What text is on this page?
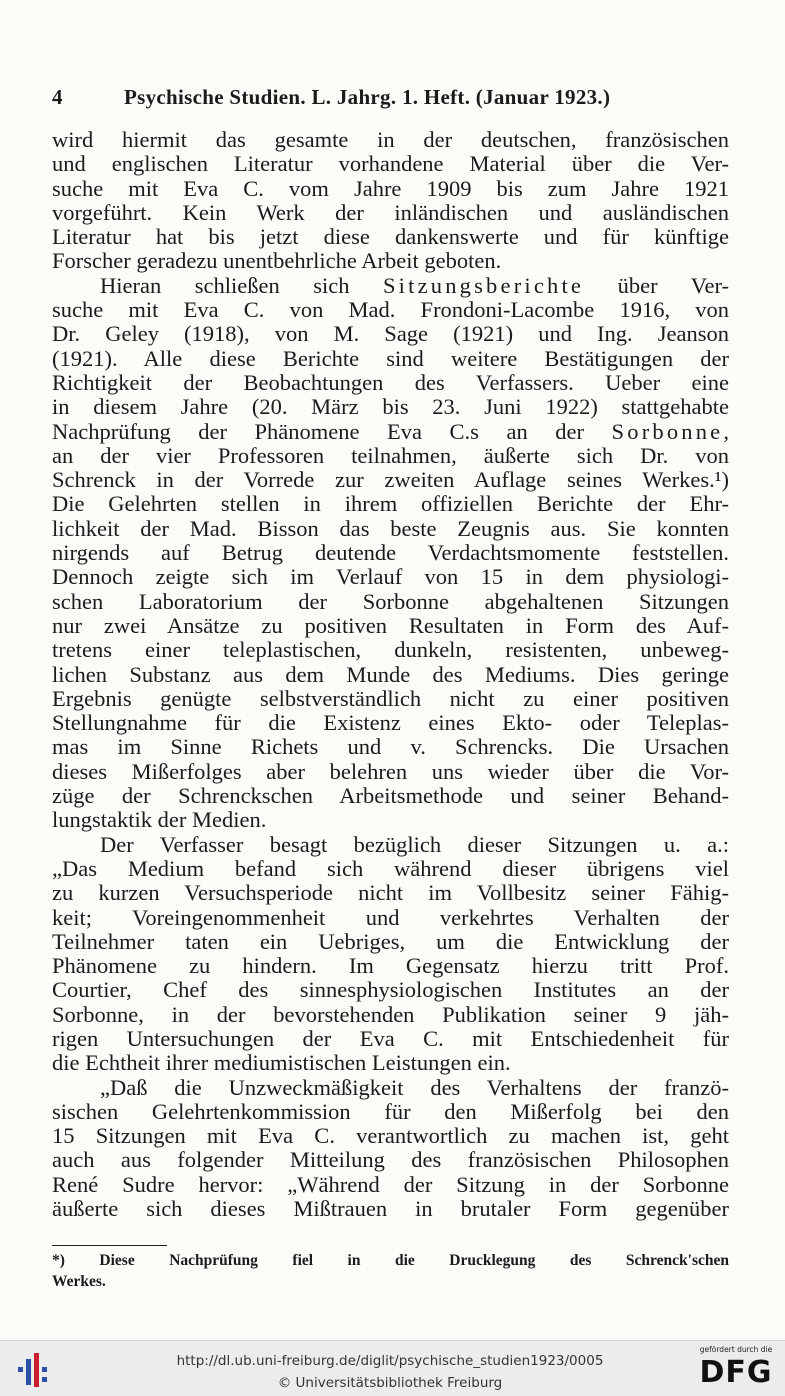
4	Psychische Studien. L. Jahrg. 1. Heft. (Januar 1923.)
wird hiermit das gesamte in der deutschen, französischen
und englischen Literatur vorhandene Material über die Ver-
suche mit Eva C. vom Jahre 1909 bis zum Jahre 1921
vorgeführt. Kein Werk der inländischen und ausländischen
Literatur hat bis jetzt diese dankenswerte und für künftige
Forscher geradezu unentbehrliche Arbeit geboten.
Hieran schließen sich Sitzungsberichte über Ver-
suche mit Eva C. von Mad. Frondoni-Lacombe 1916, von
Dr. Geley (1918), von M. Sage (1921) und Ing. Jeanson
(1921). Alle diese Berichte sind weitere Bestätigungen der
Richtigkeit der Beobachtungen des Verfassers. Ueber eine
in diesem Jahre (20. März bis 23. Juni 1922) stattgehabte
Nachprüfung der Phänomene Eva C.s an der Sorbonne,
an der vier Professoren teilnahmen, äußerte sich Dr. von
Schrenck in der Vorrede zur zweiten Auflage seines Werkes.¹)
Die Gelehrten stellen in ihrem offiziellen Berichte der Ehr-
lichkeit der Mad. Bisson das beste Zeugnis aus. Sie konnten
nirgends auf Betrug deutende Verdachtsmomente feststellen.
Dennoch zeigte sich im Verlauf von 15 in dem physiologi-
schen Laboratorium der Sorbonne abgehaltenen Sitzungen
nur zwei Ansätze zu positiven Resultaten in Form des Auf-
tretens einer teleplastischen, dunkeln, resistenten, unbeweg-
lichen Substanz aus dem Munde des Mediums. Dies geringe
Ergebnis genügte selbstverständlich nicht zu einer positiven
Stellungnahme für die Existenz eines Ekto- oder Teleplas-
mas im Sinne Richets und v. Schrencks. Die Ursachen
dieses Mißerfolges aber belehren uns wieder über die Vor-
züge der Schrenckschen Arbeitsmethode und seiner Behand-
lungstaktik der Medien.
Der Verfasser besagt bezüglich dieser Sitzungen u. a.:
„Das Medium befand sich während dieser übrigens viel
zu kurzen Versuchsperiode nicht im Vollbesitz seiner Fähig-
keit; Voreingenommenheit und verkehrtes Verhalten der
Teilnehmer taten ein Uebriges, um die Entwicklung der
Phänomene zu hindern. Im Gegensatz hierzu tritt Prof.
Courtier, Chef des sinnesphysiologischen Institutes an der
Sorbonne, in der bevorstehenden Publikation seiner 9 jäh-
rigen Untersuchungen der Eva C. mit Entschiedenheit für
die Echtheit ihrer mediumistischen Leistungen ein.
„Daß die Unzweckmäßigkeit des Verhaltens der franzö-
sischen Gelehrtenkommission für den Mißerfolg bei den
15 Sitzungen mit Eva C. verantwortlich zu machen ist, geht
auch aus folgender Mitteilung des französischen Philosophen
René Sudre hervor: „Während der Sitzung in der Sorbonne
äußerte sich dieses Mißtrauen in brutaler Form gegenüber
*) Diese Nachprüfung fiel in die Drucklegung des Schrenck'schen
Werkes.
http://dl.ub.uni-freiburg.de/diglit/psychische_studien1923/0005
© Universitätsbibliothek Freiburg
gefördert durch die
DFG
